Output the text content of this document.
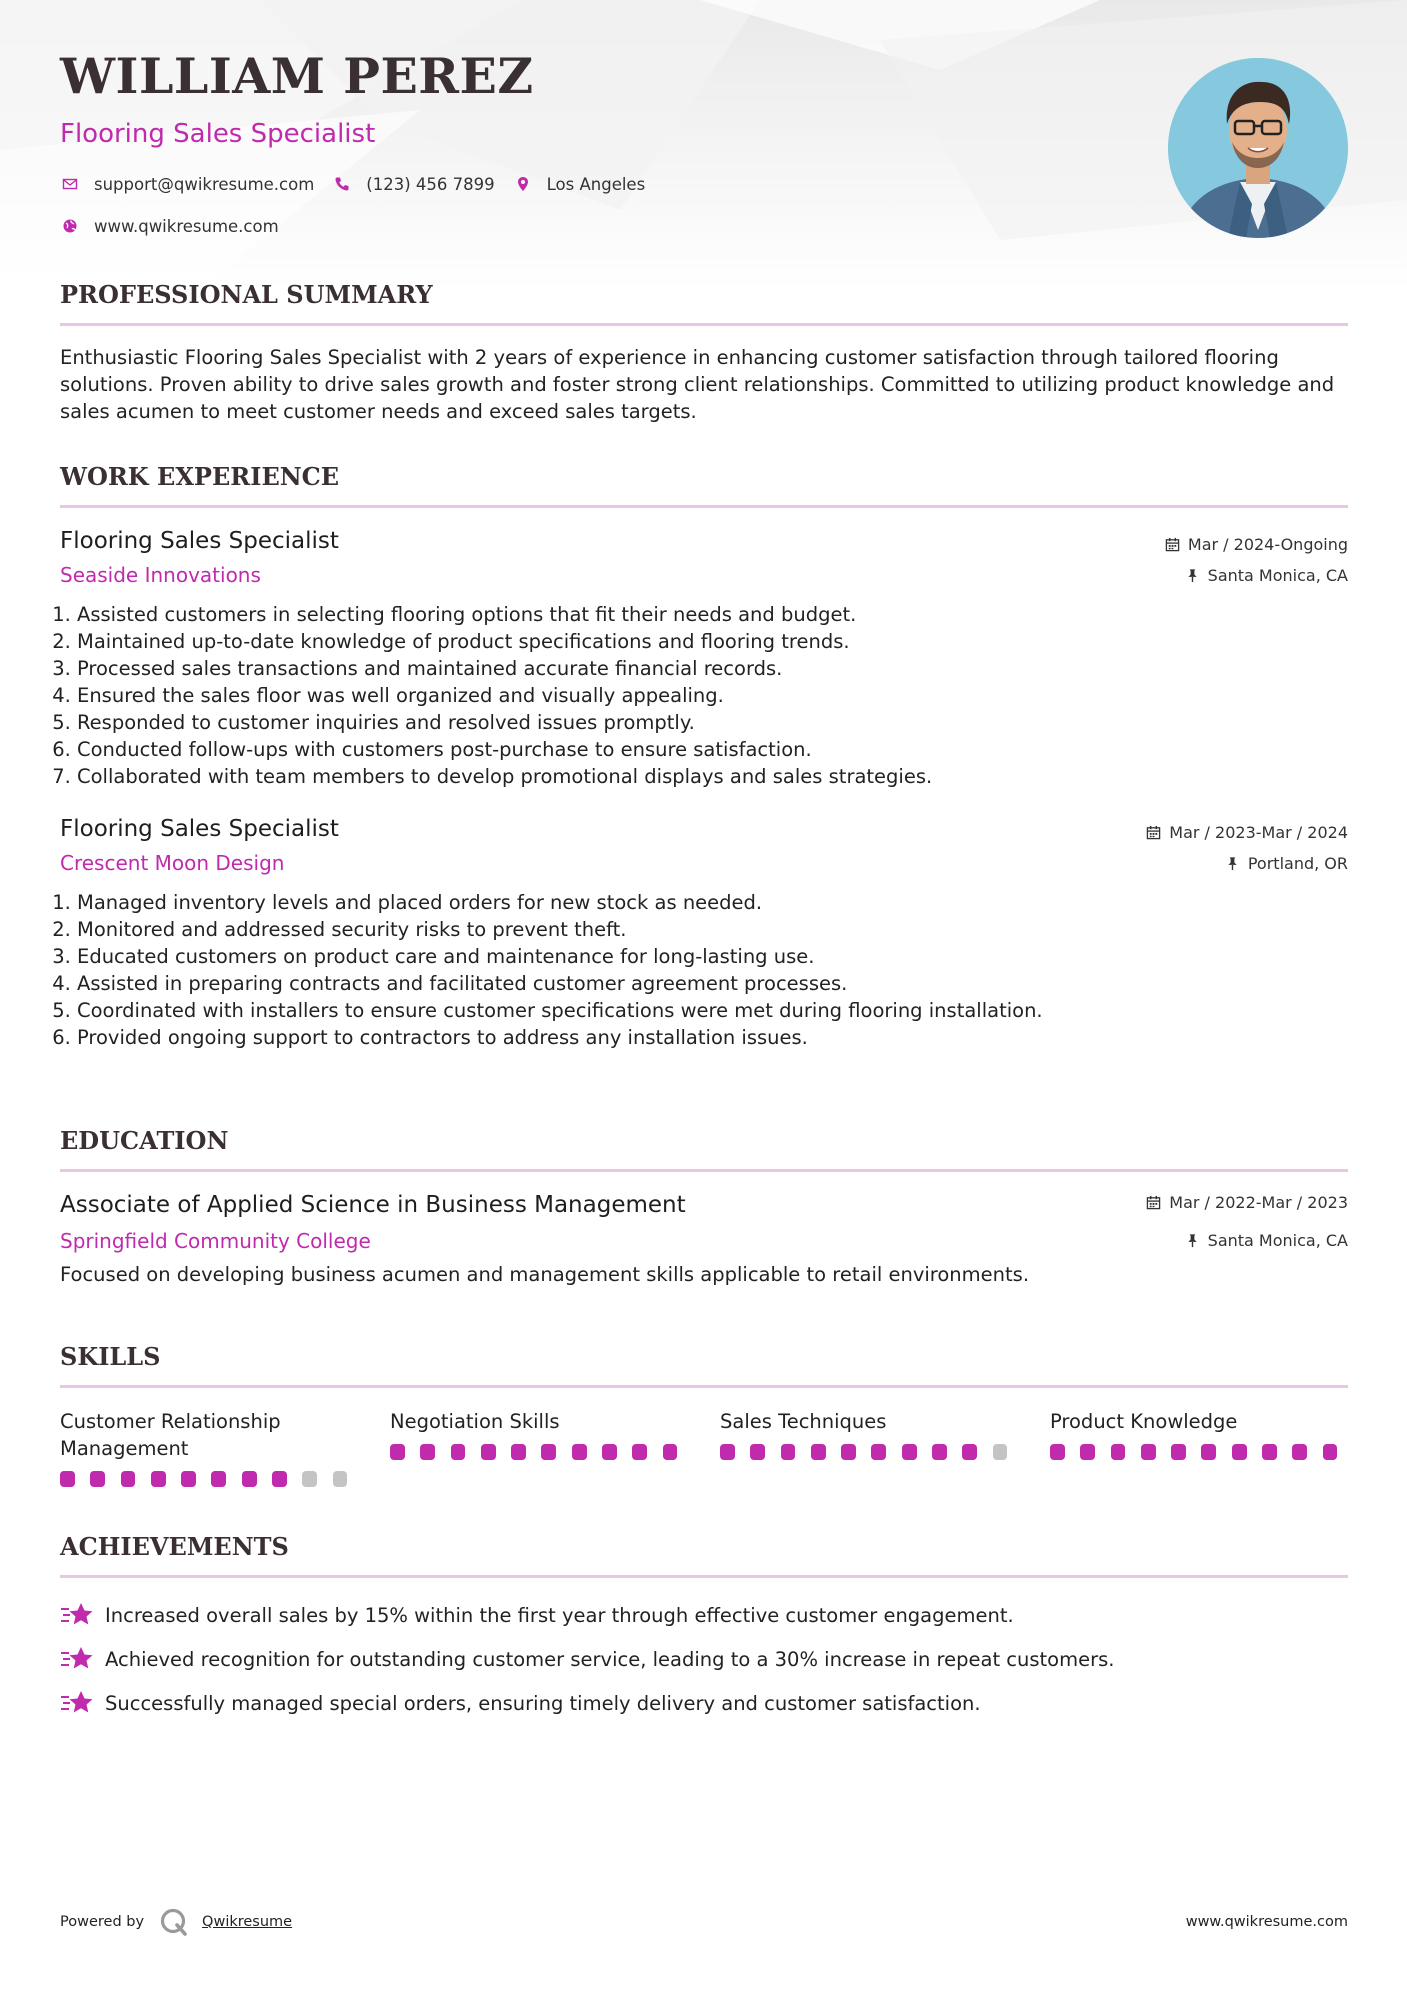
WILLIAM PEREZ
Flooring Sales Specialist
support@qwikresume.com	(123) 456 7899	Los Angeles
www.qwikresume.com
PROFESSIONAL SUMMARY
Enthusiastic Flooring Sales Specialist with 2 years of experience in enhancing customer satisfaction through tailored flooring solutions. Proven ability to drive sales growth and foster strong client relationships. Committed to utilizing product knowledge and sales acumen to meet customer needs and exceed sales targets.
WORK EXPERIENCE
Flooring Sales Specialist
Seaside Innovations
Mar / 2024-Ongoing
Santa Monica, CA
1. Assisted customers in selecting flooring options that fit their needs and budget.
2. Maintained up-to-date knowledge of product specifications and flooring trends.
3. Processed sales transactions and maintained accurate financial records.
4. Ensured the sales floor was well organized and visually appealing.
5. Responded to customer inquiries and resolved issues promptly.
6. Conducted follow-ups with customers post-purchase to ensure satisfaction.
7. Collaborated with team members to develop promotional displays and sales strategies.
Flooring Sales Specialist
Crescent Moon Design
Mar / 2023-Mar / 2024
Portland, OR
1. Managed inventory levels and placed orders for new stock as needed.
2. Monitored and addressed security risks to prevent theft.
3. Educated customers on product care and maintenance for long-lasting use.
4. Assisted in preparing contracts and facilitated customer agreement processes.
5. Coordinated with installers to ensure customer specifications were met during flooring installation.
6. Provided ongoing support to contractors to address any installation issues.
EDUCATION
Associate of Applied Science in Business Management
Springfield Community College
Mar / 2022-Mar / 2023
Santa Monica, CA
Focused on developing business acumen and management skills applicable to retail environments.
SKILLS
Customer Relationship Management
Negotiation Skills	Sales Techniques	Product Knowledge
ACHIEVEMENTS
Increased overall sales by 15% within the first year through effective customer engagement.
Achieved recognition for outstanding customer service, leading to a 30% increase in repeat customers.
Successfully managed special orders, ensuring timely delivery and customer satisfaction.
Powered by	Qwikresume	www.qwikresume.com
